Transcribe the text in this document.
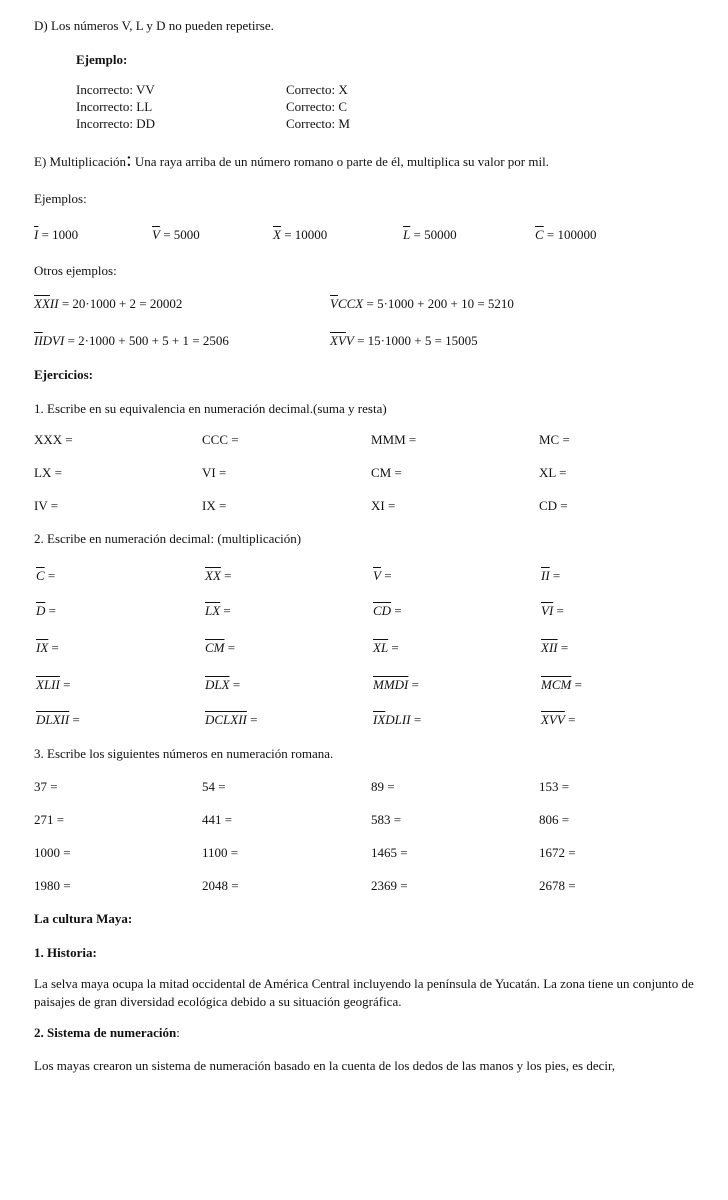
D) Los números V, L y D no pueden repetirse.
Ejemplo:
Incorrecto: VV	Correcto: X
Incorrecto: LL	Correcto: C
Incorrecto: DD	Correcto: M
E) Multiplicación: Una raya arriba de un número romano o parte de él, multiplica su valor por mil.
Ejemplos:
$\overline{I} = 1000$	$\overline{V} = 5000$	$\overline{X} = 10000$	$\overline{L} = 50000$	$\overline{C} = 100000$
Otros ejemplos:
$\overline{XX}II = 20\cdot 1000 + 2 = 20002$	$\overline{V}CCX = 5\cdot 1000 + 200 + 10 = 5210$
$\overline{II}DVI = 2\cdot 1000 + 500 + 5 + 1 = 2506$	$\overline{XV}V = 15\cdot 1000 + 5 = 15005$
Ejercicios:
1. Escribe en su equivalencia en numeración decimal.(suma y resta)
XXX =	CCC =	MMM =	MC =
LX =	VI =	CM =	XL =
IV =	IX =	XI =	CD =
2. Escribe en numeración decimal: (multiplicación)
$\overline{C}$ =	$\overline{XX}$ =	$\overline{V}$ =	$\overline{II}$ =
$\overline{D}$ =	$\overline{LX}$ =	$\overline{CD}$ =	$\overline{VI}$ =
$\overline{IX}$ =	$\overline{CM}$ =	$\overline{XL}$ =	$\overline{XII}$ =
XLII =	$\overline{DLX}$ =	MMDI =	$\overline{MCM}$ =
DLXII =	DCLXII =	$\overline{IX}DLII$ =	$\overline{XVV}$ =
3. Escribe los siguientes números en numeración romana.
37 =	54 =	89 =	153 =
271 =	441 =	583 =	806 =
1000 =	1100 =	1465 =	1672 =
1980 =	2048 =	2369 =	2678 =
La cultura Maya:
1. Historia:
La selva maya ocupa la mitad occidental de América Central incluyendo la península de Yucatán. La zona tiene un conjunto de paisajes de gran diversidad ecológica debido a su situación geográfica.
2. Sistema de numeración:
Los mayas crearon un sistema de numeración basado en la cuenta de los dedos de las manos y los pies, es decir,
